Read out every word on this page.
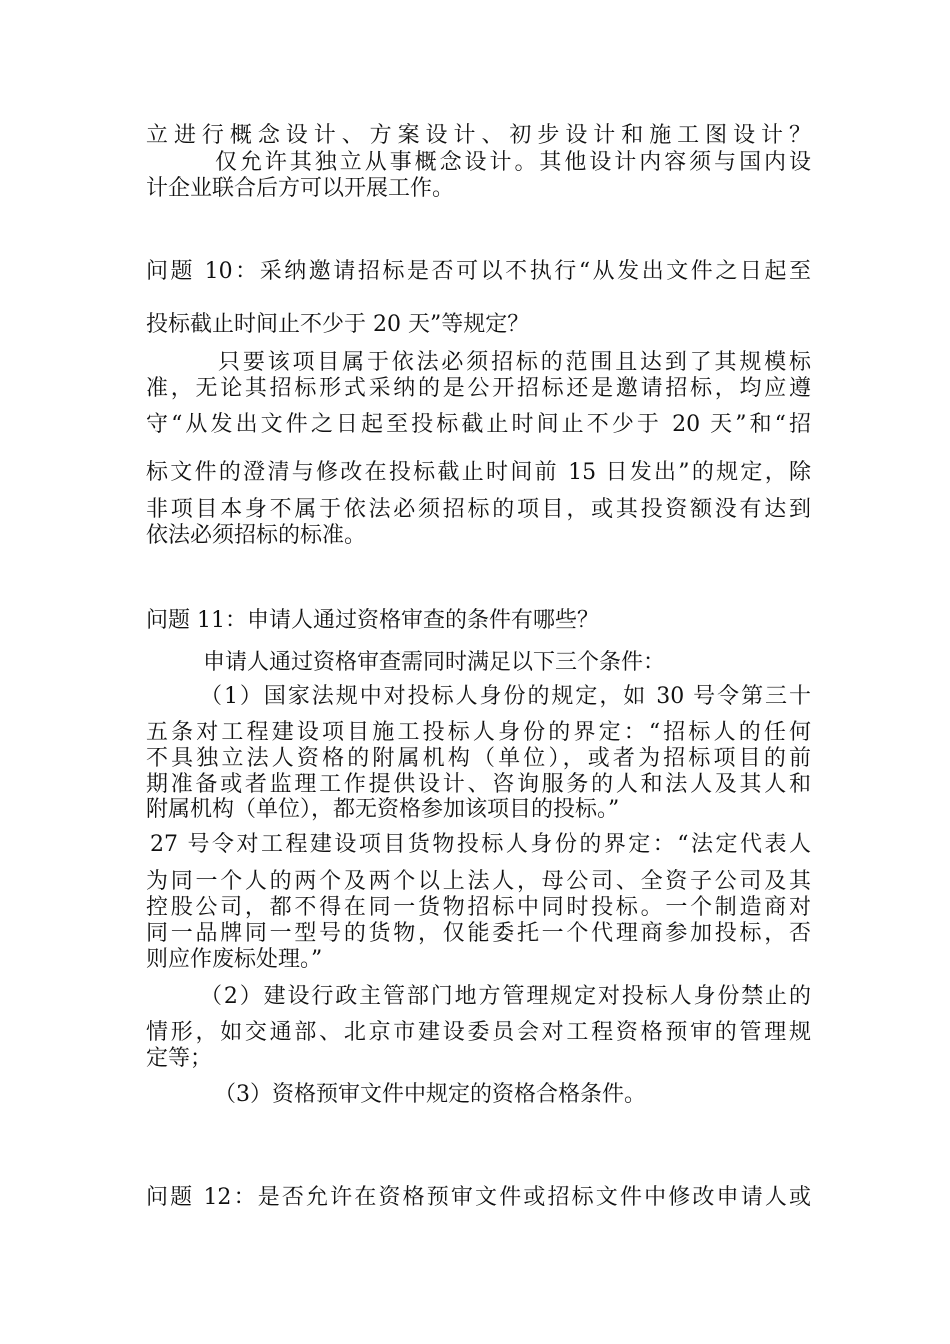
立进行概念设计、方案设计、初步设计和施工图设计？
仅允许其独立从事概念设计。其他设计内容须与国内设
计企业联合后方可以开展工作。
问题 10：采纳邀请招标是否可以不执行“从发出文件之日起至
投标截止时间止不少于 20 天”等规定？
只要该项目属于依法必须招标的范围且达到了其规模标
准，无论其招标形式采纳的是公开招标还是邀请招标，均应遵
守“从发出文件之日起至投标截止时间止不少于 20 天”和“招
标文件的澄清与修改在投标截止时间前 15 日发出”的规定，除
非项目本身不属于依法必须招标的项目，或其投资额没有达到
依法必须招标的标准。
问题 11：申请人通过资格审查的条件有哪些？
申请人通过资格审查需同时满足以下三个条件：
（1）国家法规中对投标人身份的规定，如 30 号令第三十
五条对工程建设项目施工投标人身份的界定：“招标人的任何
不具独立法人资格的附属机构（单位），或者为招标项目的前
期准备或者监理工作提供设计、咨询服务的人和法人及其人和
附属机构（单位），都无资格参加该项目的投标。”
27 号令对工程建设项目货物投标人身份的界定：“法定代表人
为同一个人的两个及两个以上法人，母公司、全资子公司及其
控股公司，都不得在同一货物招标中同时投标。一个制造商对
同一品牌同一型号的货物，仅能委托一个代理商参加投标，否
则应作废标处理。”
（2）建设行政主管部门地方管理规定对投标人身份禁止的
情形，如交通部、北京市建设委员会对工程资格预审的管理规
定等；
（3）资格预审文件中规定的资格合格条件。
问题 12：是否允许在资格预审文件或招标文件中修改申请人或
